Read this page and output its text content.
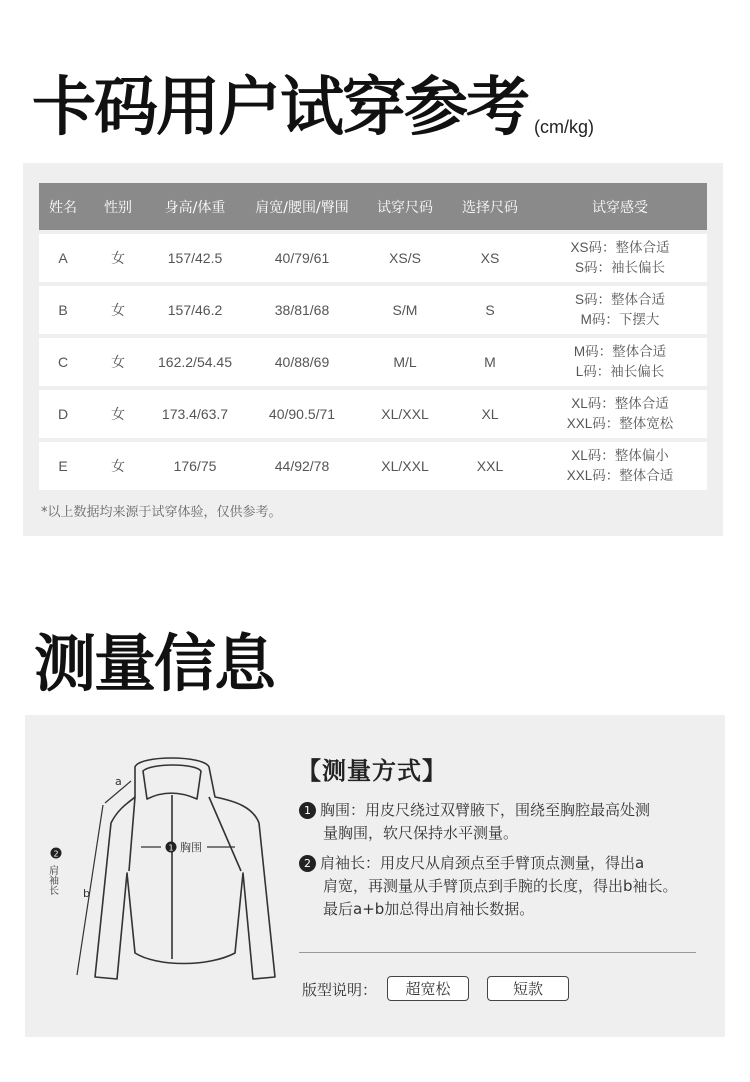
卡码用户试穿参考 (cm/kg)
姓名	性别	身高/体重	肩宽/腰围/臀围	试穿尺码	选择尺码	试穿感受
A	女	157/42.5	40/79/61	XS/S	XS
XS码：整体合适
S码：袖长偏长
B	女	157/46.2	38/81/68	S/M	S
S码：整体合适
M码：下摆大
C	女	162.2/54.45	40/88/69	M/L	M
M码：整体合适
L码：袖长偏长
D	女	173.4/63.7	40/90.5/71	XL/XXL	XL
XL码：整体合适
XXL码：整体宽松
E	女	176/75	44/92/78	XL/XXL	XXL
XL码：整体偏小
XXL码：整体合适
*以上数据均来源于试穿体验，仅供参考。
测量信息
a
b
1 胸围
2
肩袖长
【测量方式】
1 胸围：用皮尺绕过双臂腋下，围绕至胸腔最高处测
量胸围，软尺保持水平测量。
2 肩袖长：用皮尺从肩颈点至手臂顶点测量，得出a
肩宽，再测量从手臂顶点到手腕的长度，得出b袖长。
最后a+b加总得出肩袖长数据。
版型说明：	超宽松	短款
